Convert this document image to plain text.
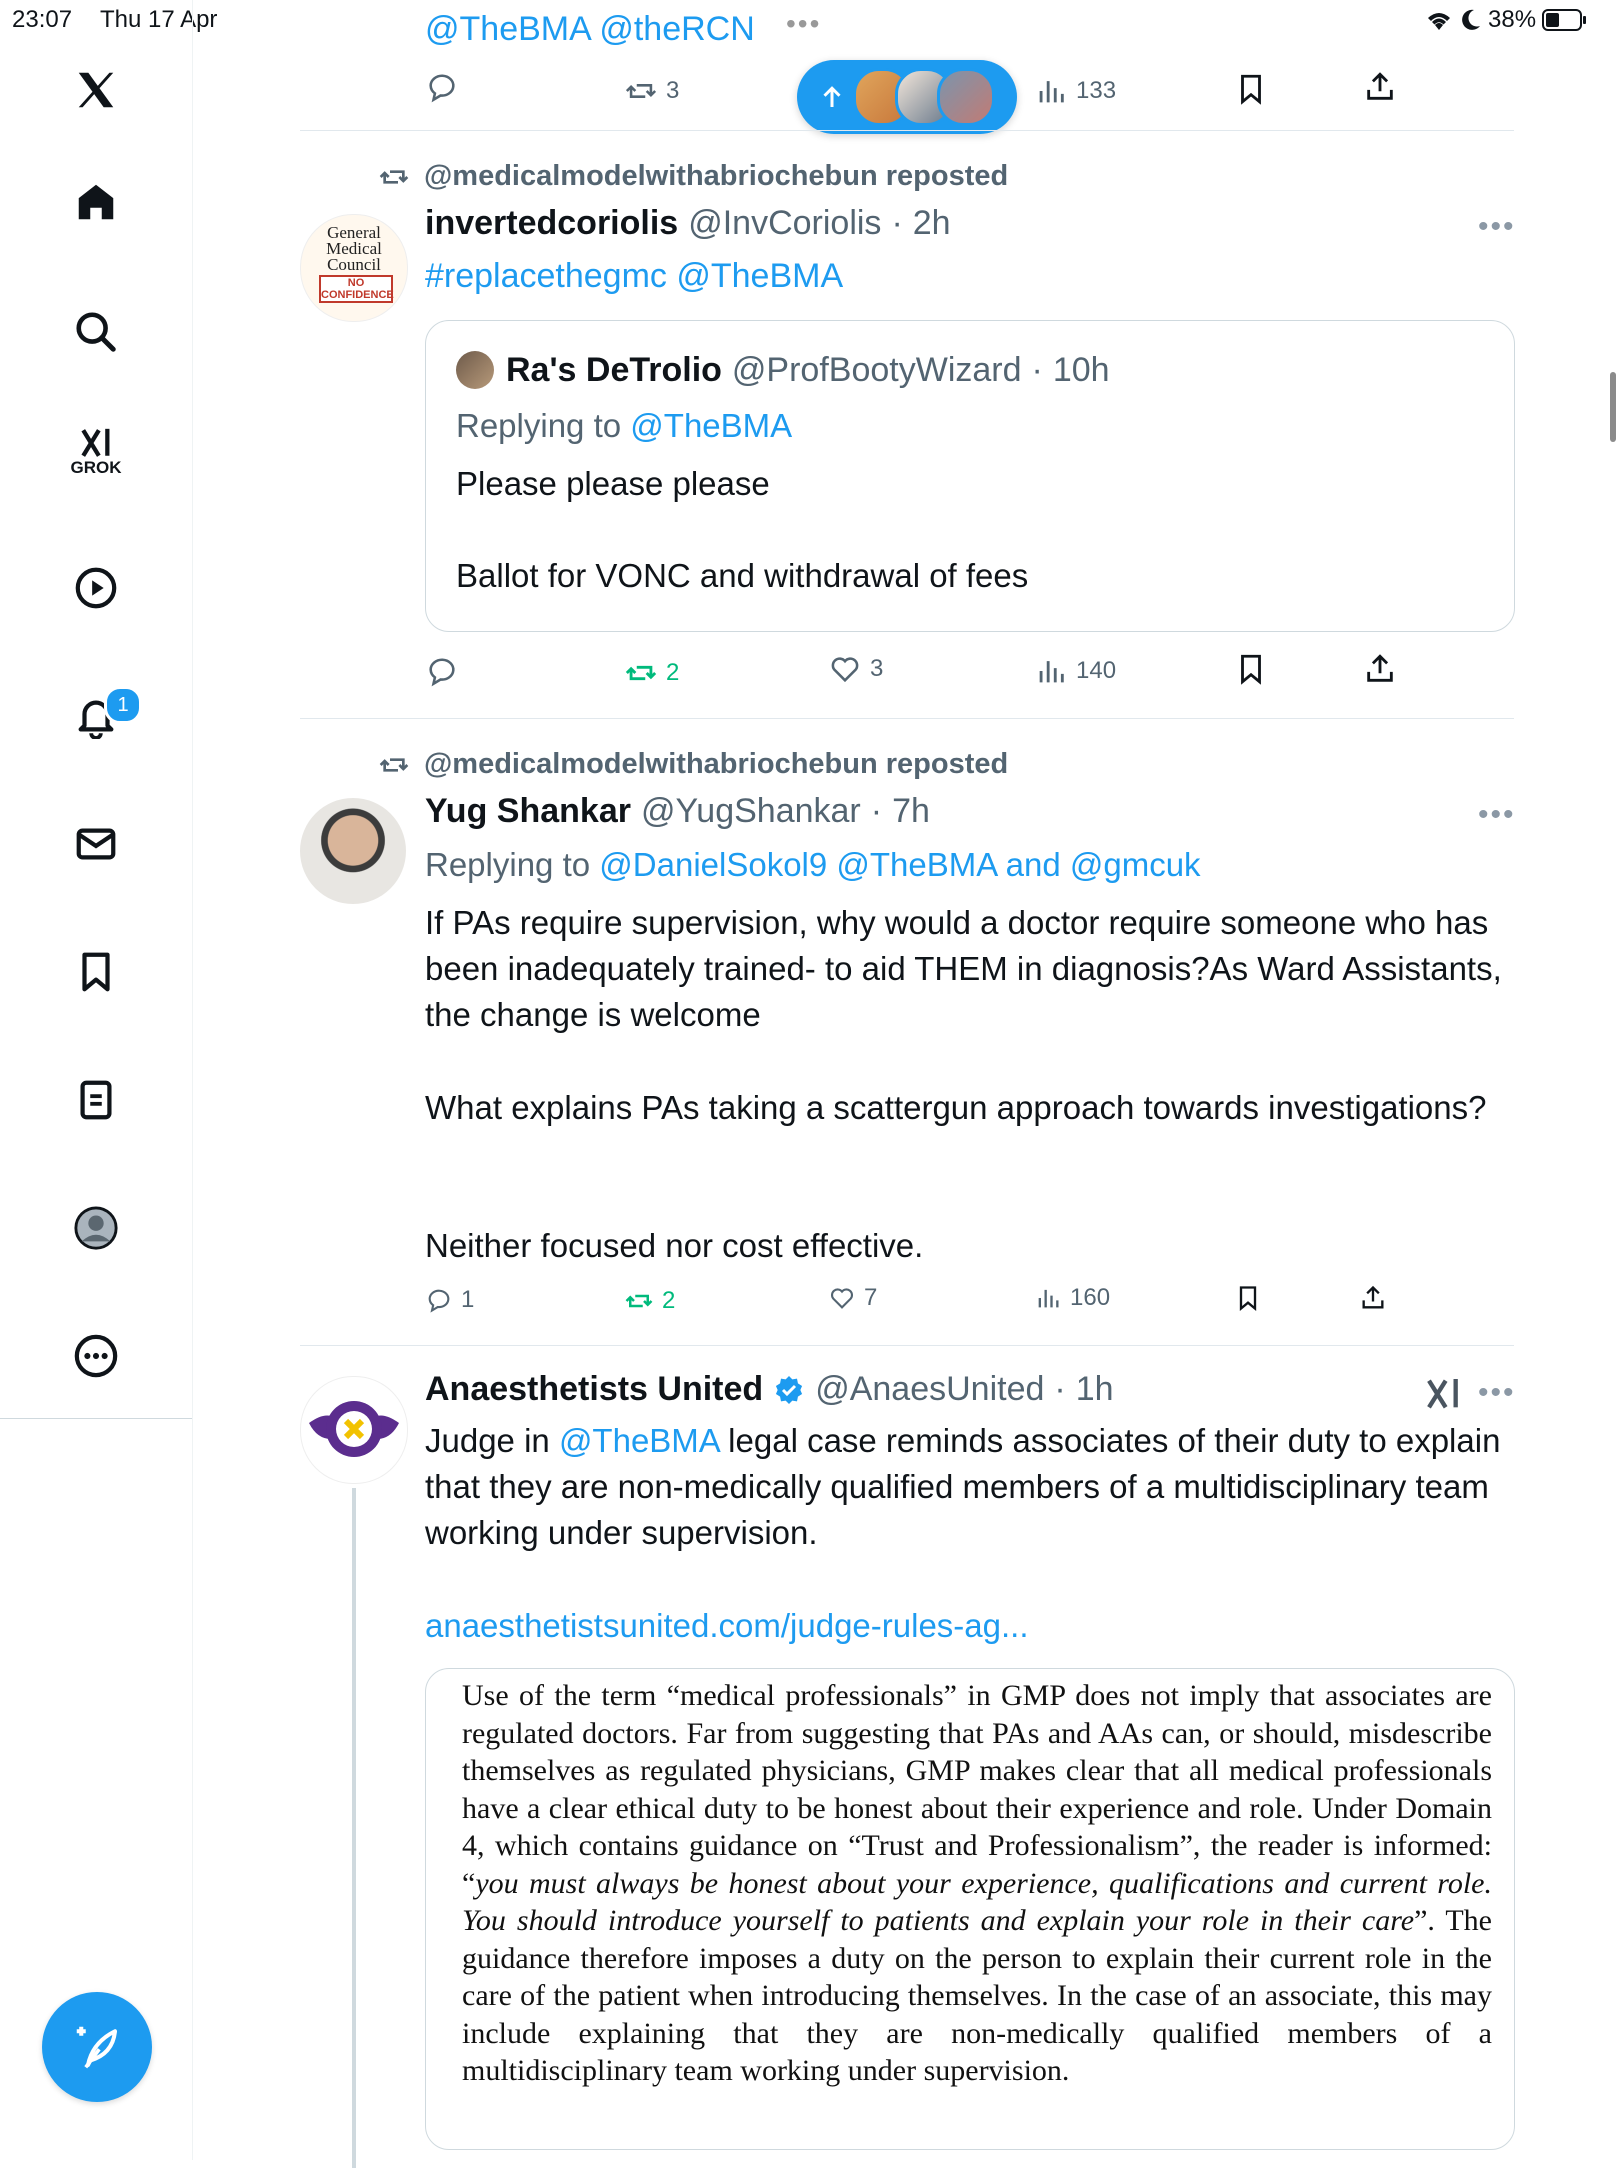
23:07 Thu 17 Apr	•••	38%
GROK
1
@TheBMA @theRCN
3	133
@medicalmodelwithabriochebun reposted
General
Medical
Council
NO
CONFIDENCE
invertedcoriolis @InvCoriolis · 2h	•••
#replacethegmc @TheBMA
Ra's DeTrolio @ProfBootyWizard · 10h
Replying to @TheBMA
Please please please
Ballot for VONC and withdrawal of fees
2	3	140
@medicalmodelwithabriochebun reposted
Yug Shankar @YugShankar · 7h	•••
Replying to @DanielSokol9 @TheBMA and @gmcuk
If PAs require supervision, why would a doctor require someone who has been inadequately trained- to aid THEM in diagnosis?As Ward Assistants, the change is welcome
What explains PAs taking a scattergun approach towards investigations?
Neither focused nor cost effective.
1	2	7	160
Anaesthetists United @AnaesUnited · 1h	•••
Judge in @TheBMA legal case reminds associates of their duty to explain that they are non-medically qualified members of a multidisciplinary team working under supervision.
anaesthetistsunited.com/judge-rules-ag...
Use of the term “medical professionals” in GMP does not imply that associates are regulated doctors. Far from suggesting that PAs and AAs can, or should, misdescribe themselves as regulated physicians, GMP makes clear that all medical professionals have a clear ethical duty to be honest about their experience and role. Under Domain 4, which contains guidance on “Trust and Professionalism”, the reader is informed: “you must always be honest about your experience, qualifications and current role. You should introduce yourself to patients and explain your role in their care”. The guidance therefore imposes a duty on the person to explain their current role in the care of the patient when introducing themselves. In the case of an associate, this may include explaining that they are non-medically qualified members of a multidisciplinary team working under supervision.
